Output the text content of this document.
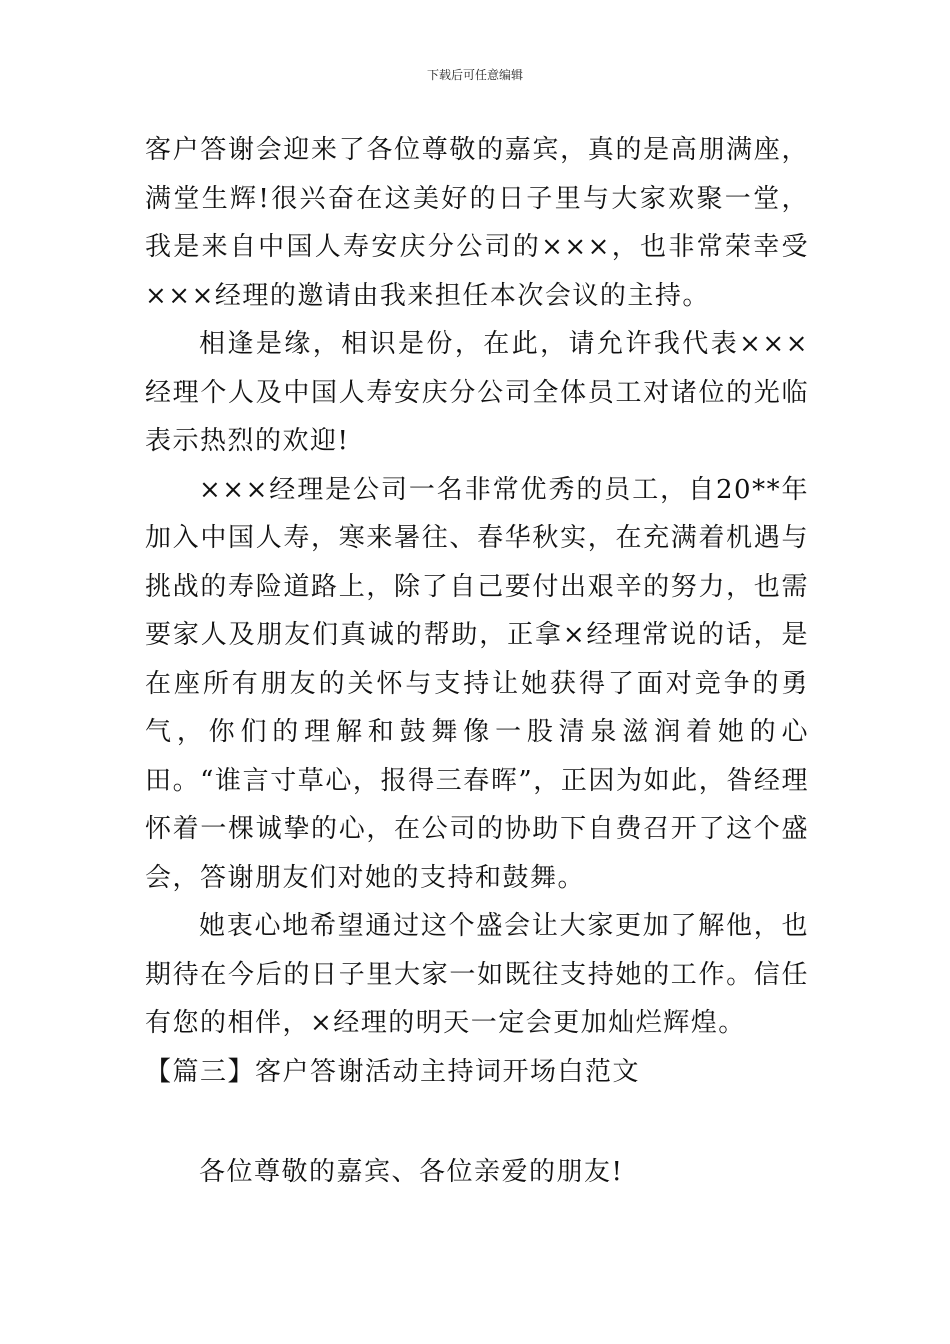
下载后可任意编辑

客户答谢会迎来了各位尊敬的嘉宾，真的是高朋满座，满堂生辉!很兴奋在这美好的日子里与大家欢聚一堂，我是来自中国人寿安庆分公司的×××，也非常荣幸受×××经理的邀请由我来担任本次会议的主持。

相逢是缘，相识是份，在此，请允许我代表×××经理个人及中国人寿安庆分公司全体员工对诸位的光临表示热烈的欢迎!

×××经理是公司一名非常优秀的员工，自20**年加入中国人寿，寒来暑往、春华秋实，在充满着机遇与挑战的寿险道路上，除了自己要付出艰辛的努力，也需要家人及朋友们真诚的帮助，正拿×经理常说的话，是在座所有朋友的关怀与支持让她获得了面对竞争的勇气，你们的理解和鼓舞像一股清泉滋润着她的心田。“谁言寸草心，报得三春晖”，正因为如此，昝经理怀着一棵诚挚的心，在公司的协助下自费召开了这个盛会，答谢朋友们对她的支持和鼓舞。

她衷心地希望通过这个盛会让大家更加了解他，也期待在今后的日子里大家一如既往支持她的工作。信任有您的相伴，×经理的明天一定会更加灿烂辉煌。

【篇三】客户答谢活动主持词开场白范文

各位尊敬的嘉宾、各位亲爱的朋友!
